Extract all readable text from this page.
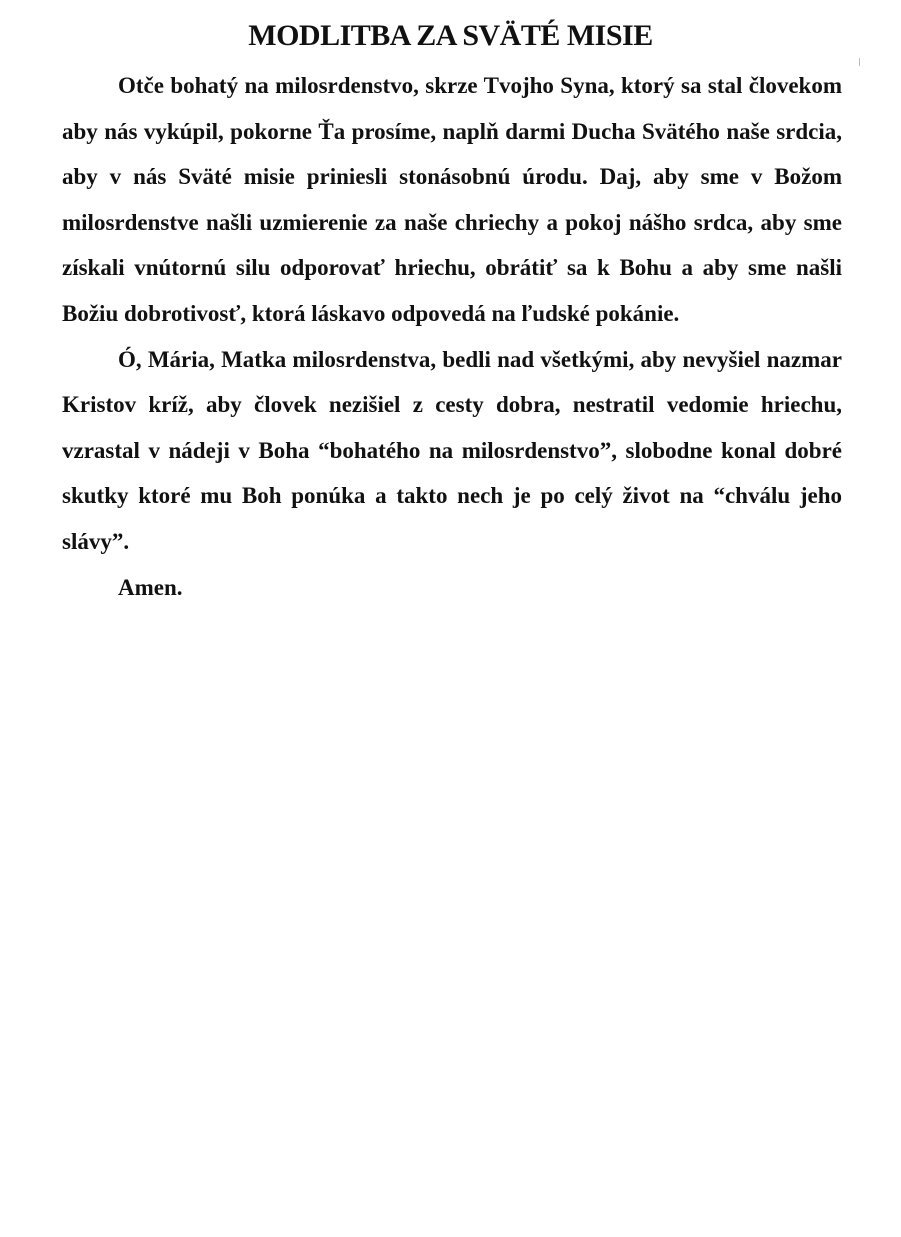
MODLITBA ZA SVÄTÉ MISIE

Otče bohatý na milosrdenstvo, skrze Tvojho Syna, ktorý sa stal človekom aby nás vykúpil, pokorne Ťa prosíme, naplň darmi Ducha Svätého naše srdcia, aby v nás Sväté misie priniesli stonásobnú úrodu. Daj, aby sme v Božom milosrdenstve našli uzmierenie za naše chriechy a pokoj nášho srdca, aby sme získali vnútornú silu odporovať hriechu, obrátiť sa k Bohu a aby sme našli Božiu dobrotivosť, ktorá láskavo odpovedá na ľudské pokánie.

Ó, Mária, Matka milosrdenstva, bedli nad všetkými, aby nevyšiel nazmar Kristov kríž, aby človek nezišiel z cesty dobra, nestratil vedomie hriechu, vzrastal v nádeji v Boha “bohatého na milosrdenstvo”, slobodne konal dobré skutky ktoré mu Boh ponúka a takto nech je po celý život na “chválu jeho slávy”.

Amen.
